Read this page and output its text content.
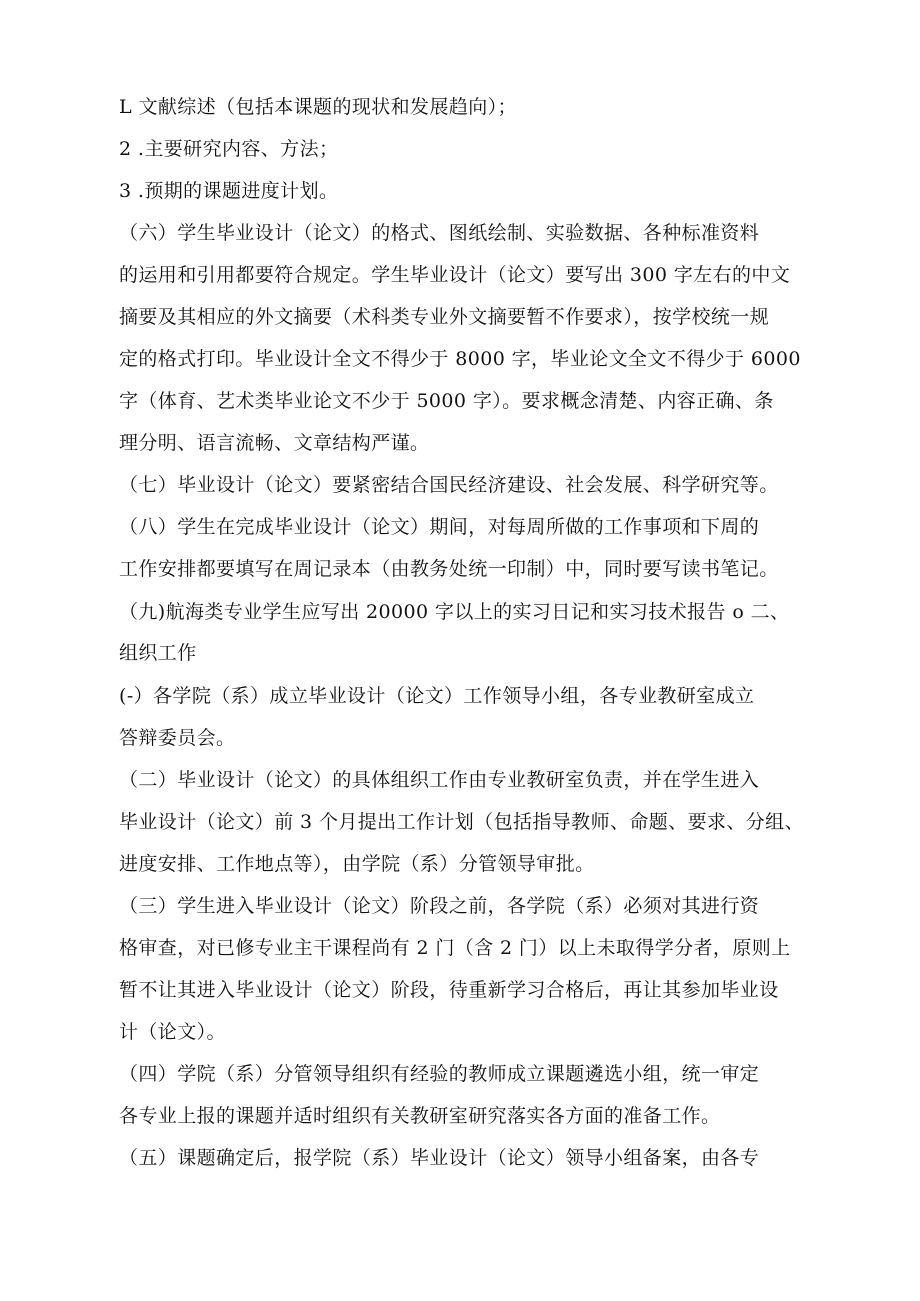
L 文献综述（包括本课题的现状和发展趋向）；
2 .主要研究内容、方法；
3 .预期的课题进度计划。
（六）学生毕业设计（论文）的格式、图纸绘制、实验数据、各种标准资料
的运用和引用都要符合规定。学生毕业设计（论文）要写出 300 字左右的中文
摘要及其相应的外文摘要（术科类专业外文摘要暂不作要求），按学校统一规
定的格式打印。毕业设计全文不得少于 8000 字，毕业论文全文不得少于 6000
字（体育、艺术类毕业论文不少于 5000 字）。要求概念清楚、内容正确、条
理分明、语言流畅、文章结构严谨。
（七）毕业设计（论文）要紧密结合国民经济建设、社会发展、科学研究等。
（八）学生在完成毕业设计（论文）期间，对每周所做的工作事项和下周的
工作安排都要填写在周记录本（由教务处统一印制）中，同时要写读书笔记。
（九)航海类专业学生应写出 20000 字以上的实习日记和实习技术报告 o 二、
组织工作
(-）各学院（系）成立毕业设计（论文）工作领导小组，各专业教研室成立
答辩委员会。
（二）毕业设计（论文）的具体组织工作由专业教研室负责，并在学生进入
毕业设计（论文）前 3 个月提出工作计划（包括指导教师、命题、要求、分组、
进度安排、工作地点等），由学院（系）分管领导审批。
（三）学生进入毕业设计（论文）阶段之前，各学院（系）必须对其进行资
格审查，对已修专业主干课程尚有 2 门（含 2 门）以上未取得学分者，原则上
暂不让其进入毕业设计（论文）阶段，待重新学习合格后，再让其参加毕业设
计（论文）。
（四）学院（系）分管领导组织有经验的教师成立课题遴选小组，统一审定
各专业上报的课题并适时组织有关教研室研究落实各方面的准备工作。
（五）课题确定后，报学院（系）毕业设计（论文）领导小组备案，由各专
